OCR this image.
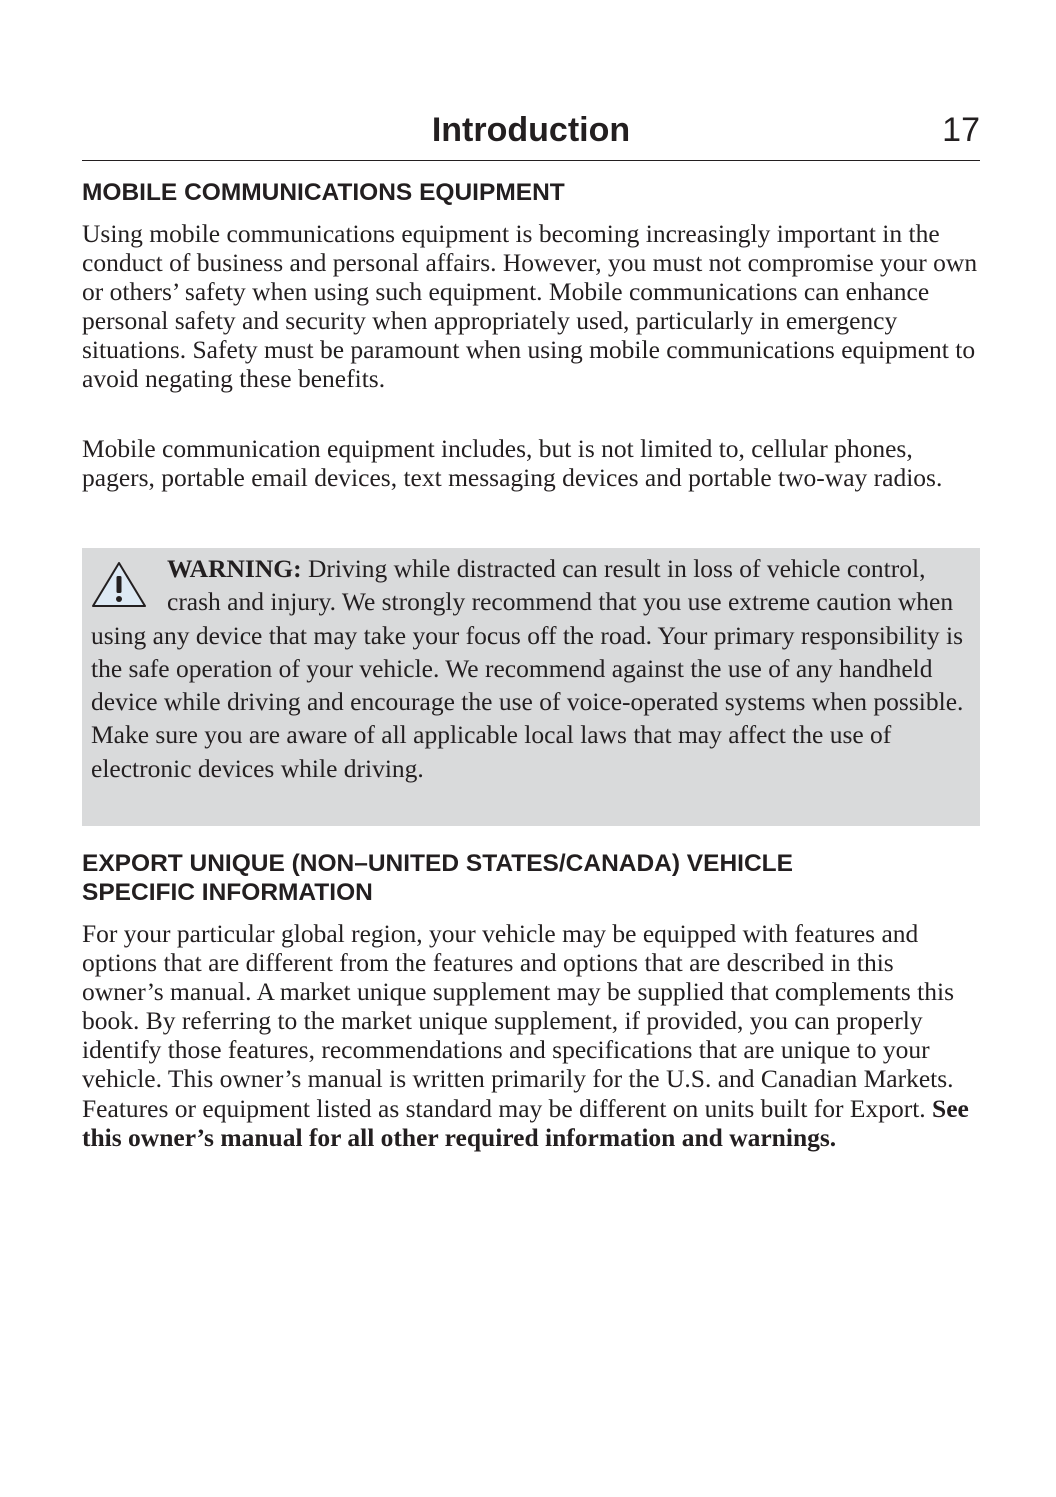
Introduction	17
MOBILE COMMUNICATIONS EQUIPMENT

Using mobile communications equipment is becoming increasingly important in the conduct of business and personal affairs. However, you must not compromise your own or others’ safety when using such equipment. Mobile communications can enhance personal safety and security when appropriately used, particularly in emergency situations. Safety must be paramount when using mobile communications equipment to avoid negating these benefits.

Mobile communication equipment includes, but is not limited to, cellular phones, pagers, portable email devices, text messaging devices and portable two-way radios.

WARNING: Driving while distracted can result in loss of vehicle control, crash and injury. We strongly recommend that you use extreme caution when using any device that may take your focus off the road. Your primary responsibility is the safe operation of your vehicle. We recommend against the use of any handheld device while driving and encourage the use of voice-operated systems when possible. Make sure you are aware of all applicable local laws that may affect the use of electronic devices while driving.
EXPORT UNIQUE (NON–UNITED STATES/CANADA) VEHICLE
SPECIFIC INFORMATION

For your particular global region, your vehicle may be equipped with features and options that are different from the features and options that are described in this owner’s manual. A market unique supplement may be supplied that complements this book. By referring to the market unique supplement, if provided, you can properly identify those features, recommendations and specifications that are unique to your vehicle. This owner’s manual is written primarily for the U.S. and Canadian Markets. Features or equipment listed as standard may be different on units built for Export. See this owner’s manual for all other required information and warnings.
